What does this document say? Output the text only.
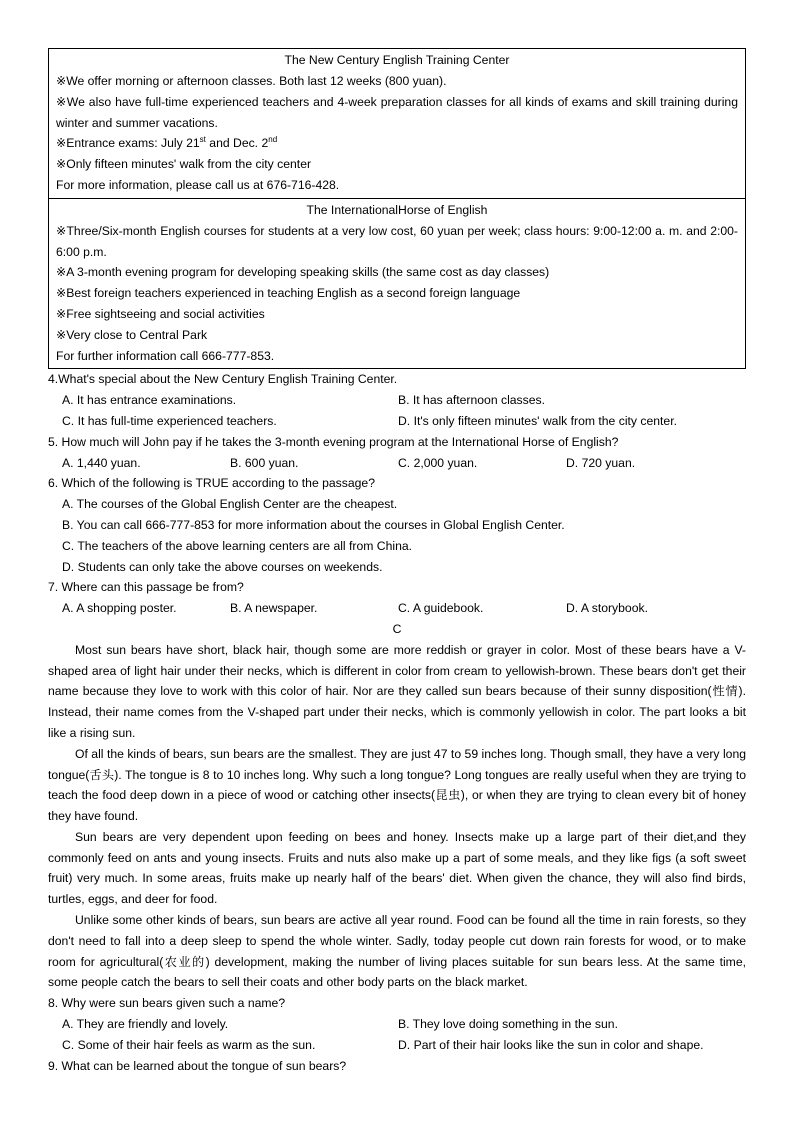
The New Century English Training Center
※We offer morning or afternoon classes. Both last 12 weeks (800 yuan).
※We also have full-time experienced teachers and 4-week preparation classes for all kinds of exams and skill training during winter and summer vacations.
※Entrance exams: July 21st and Dec. 2nd
※Only fifteen minutes' walk from the city center
For more information, please call us at 676-716-428.

The InternationalHorse of English
※Three/Six-month English courses for students at a very low cost, 60 yuan per week; class hours: 9:00-12:00 a. m. and 2:00-6:00 p.m.
※A 3-month evening program for developing speaking skills (the same cost as day classes)
※Best foreign teachers experienced in teaching English as a second foreign language
※Free sightseeing and social activities
※Very close to Central Park
For further information call 666-777-853.
4.What's special about the New Century English Training Center.
A. It has entrance examinations.	B. It has afternoon classes.
C. It has full-time experienced teachers.	D. It's only fifteen minutes' walk from the city center.
5. How much will John pay if he takes the 3-month evening program at the International Horse of English?
A. 1,440 yuan.	B. 600 yuan.	C. 2,000 yuan.	D. 720 yuan.
6. Which of the following is TRUE according to the passage?
A. The courses of the Global English Center are the cheapest.
B. You can call 666-777-853 for more information about the courses in Global English Center.
C. The teachers of the above learning centers are all from China.
D. Students can only take the above courses on weekends.
7. Where can this passage be from?
A. A shopping poster.	B. A newspaper.	C. A guidebook.	D. A storybook.
C
Most sun bears have short, black hair, though some are more reddish or grayer in color. Most of these bears have a V-shaped area of light hair under their necks, which is different in color from cream to yellowish-brown. These bears don't get their name because they love to work with this color of hair. Nor are they called sun bears because of their sunny disposition(性情). Instead, their name comes from the V-shaped part under their necks, which is commonly yellowish in color. The part looks a bit like a rising sun.
Of all the kinds of bears, sun bears are the smallest. They are just 47 to 59 inches long. Though small, they have a very long tongue(舌头). The tongue is 8 to 10 inches long. Why such a long tongue? Long tongues are really useful when they are trying to teach the food deep down in a piece of wood or catching other insects(昆虫), or when they are trying to clean every bit of honey they have found.
Sun bears are very dependent upon feeding on bees and honey. Insects make up a large part of their diet,and they commonly feed on ants and young insects. Fruits and nuts also make up a part of some meals, and they like figs (a soft sweet fruit) very much. In some areas, fruits make up nearly half of the bears' diet. When given the chance, they will also find birds, turtles, eggs, and deer for food.
Unlike some other kinds of bears, sun bears are active all year round. Food can be found all the time in rain forests, so they don't need to fall into a deep sleep to spend the whole winter. Sadly, today people cut down rain forests for wood, or to make room for agricultural(农业的) development, making the number of living places suitable for sun bears less. At the same time, some people catch the bears to sell their coats and other body parts on the black market.
8. Why were sun bears given such a name?
A. They are friendly and lovely.	B. They love doing something in the sun.
C. Some of their hair feels as warm as the sun.	D. Part of their hair looks like the sun in color and shape.
9. What can be learned about the tongue of sun bears?
